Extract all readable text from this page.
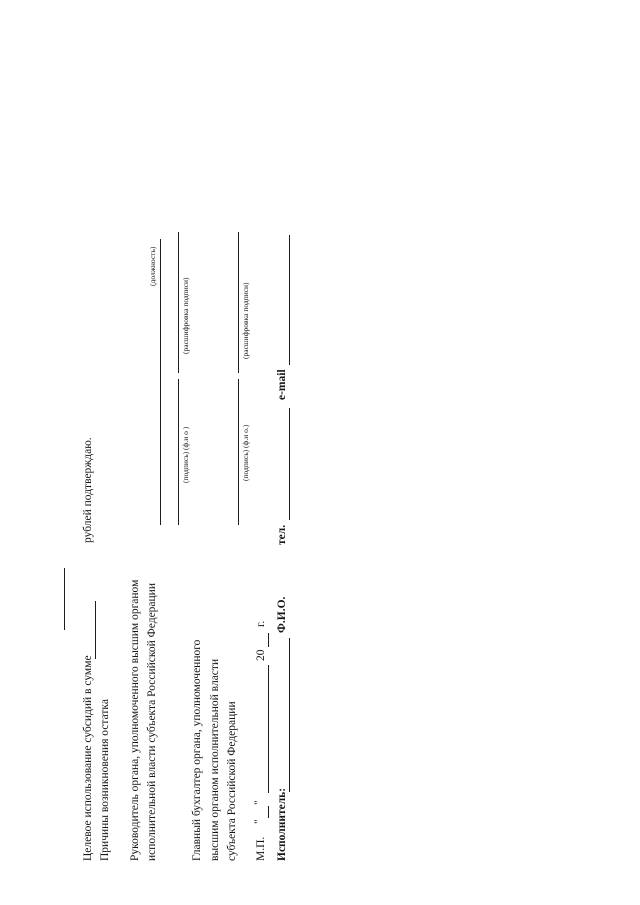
Целевое использование субсидий в сумме
рублей подтверждаю.
Причины возникновения остатка Руководитель органа, уполномоченного высшим органом исполнительной власти субъекта Российской Федерации
(должность)
(подпись) (ф.и о )
(расшифровка подписи)
Главный бухгалтер органа, уполномоченного высшим органом исполнительной власти субъекта Российской Федерации
(подпись) (ф.и о.)
(расшифровка подписи)
М.П.
"
"
20
г.
Исполнитель:
Ф.И.О.
тел.
e-mail
